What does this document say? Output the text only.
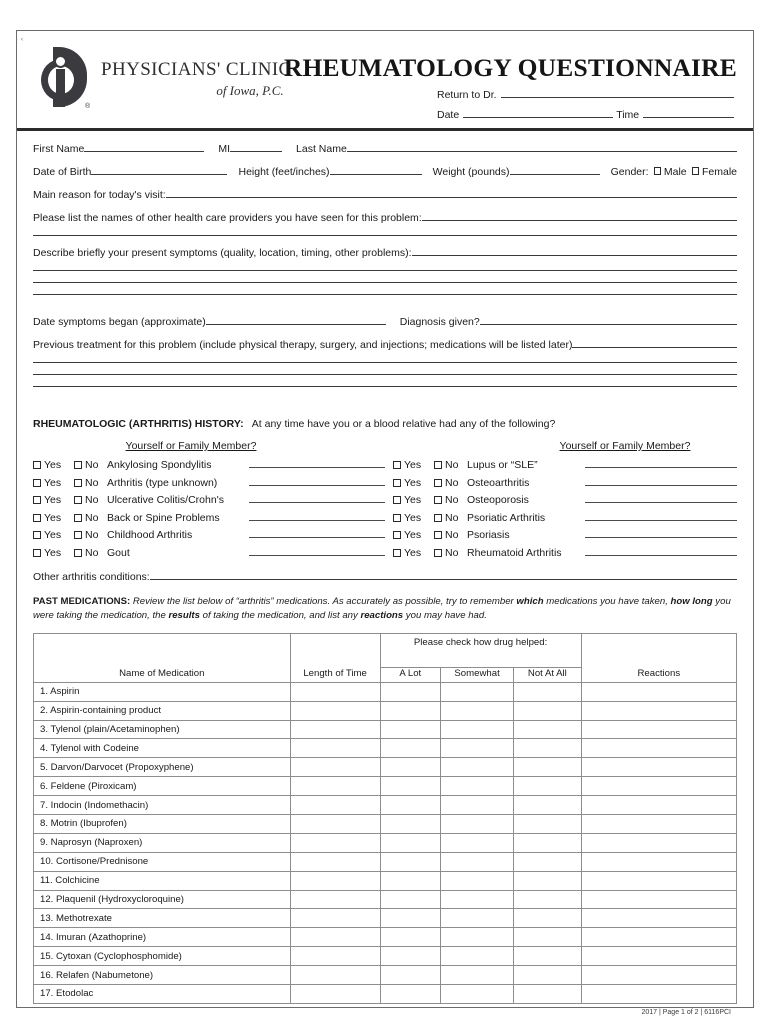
‹
®
PHYSICIANS' CLINIC
of Iowa, P.C.
RHEUMATOLOGY QUESTIONNAIRE
Return to Dr.
Date	Time
First Name	MI	Last Name
Date of Birth	Height (feet/inches)	Weight (pounds)	Gender: Male Female
Main reason for today's visit:
Please list the names of other health care providers you have seen for this problem:
Describe briefly your present symptoms (quality, location, timing, other problems):
Date symptoms began (approximate)	Diagnosis given?
Previous treatment for this problem (include physical therapy, surgery, and injections; medications will be listed later)
RHEUMATOLOGIC (ARTHRITIS) HISTORY: At any time have you or a blood relative had any of the following?
Yourself or Family Member?
Yes No Ankylosing Spondylitis
Yes No Arthritis (type unknown)
Yes No Ulcerative Colitis/Crohn's
Yes No Back or Spine Problems
Yes No Childhood Arthritis
Yes No Gout
Yourself or Family Member?
Yes No Lupus or “SLE”
Yes No Osteoarthritis
Yes No Osteoporosis
Yes No Psoriatic Arthritis
Yes No Psoriasis
Yes No Rheumatoid Arthritis
Other arthritis conditions:
PAST MEDICATIONS: Review the list below of “arthritis” medications. As accurately as possible, try to remember which medications you have taken, how long you were taking the medication, the results of taking the medication, and list any reactions you may have had.
Name of Medication	Length of Time	Please check how drug helped:			Reactions
		A Lot	Somewhat	Not At All	
1. Aspirin					
2. Aspirin-containing product					
3. Tylenol (plain/Acetaminophen)					
4. Tylenol with Codeine					
5. Darvon/Darvocet (Propoxyphene)					
6. Feldene (Piroxicam)					
7. Indocin (Indomethacin)					
8. Motrin (Ibuprofen)					
9. Naprosyn (Naproxen)					
10. Cortisone/Prednisone					
11. Colchicine					
12. Plaquenil (Hydroxycloroquine)					
13. Methotrexate					
14. Imuran (Azathoprine)					
15. Cytoxan (Cyclophosphomide)					
16. Relafen (Nabumetone)					
17. Etodolac					
2017 | Page 1 of 2 | 6116PCI
